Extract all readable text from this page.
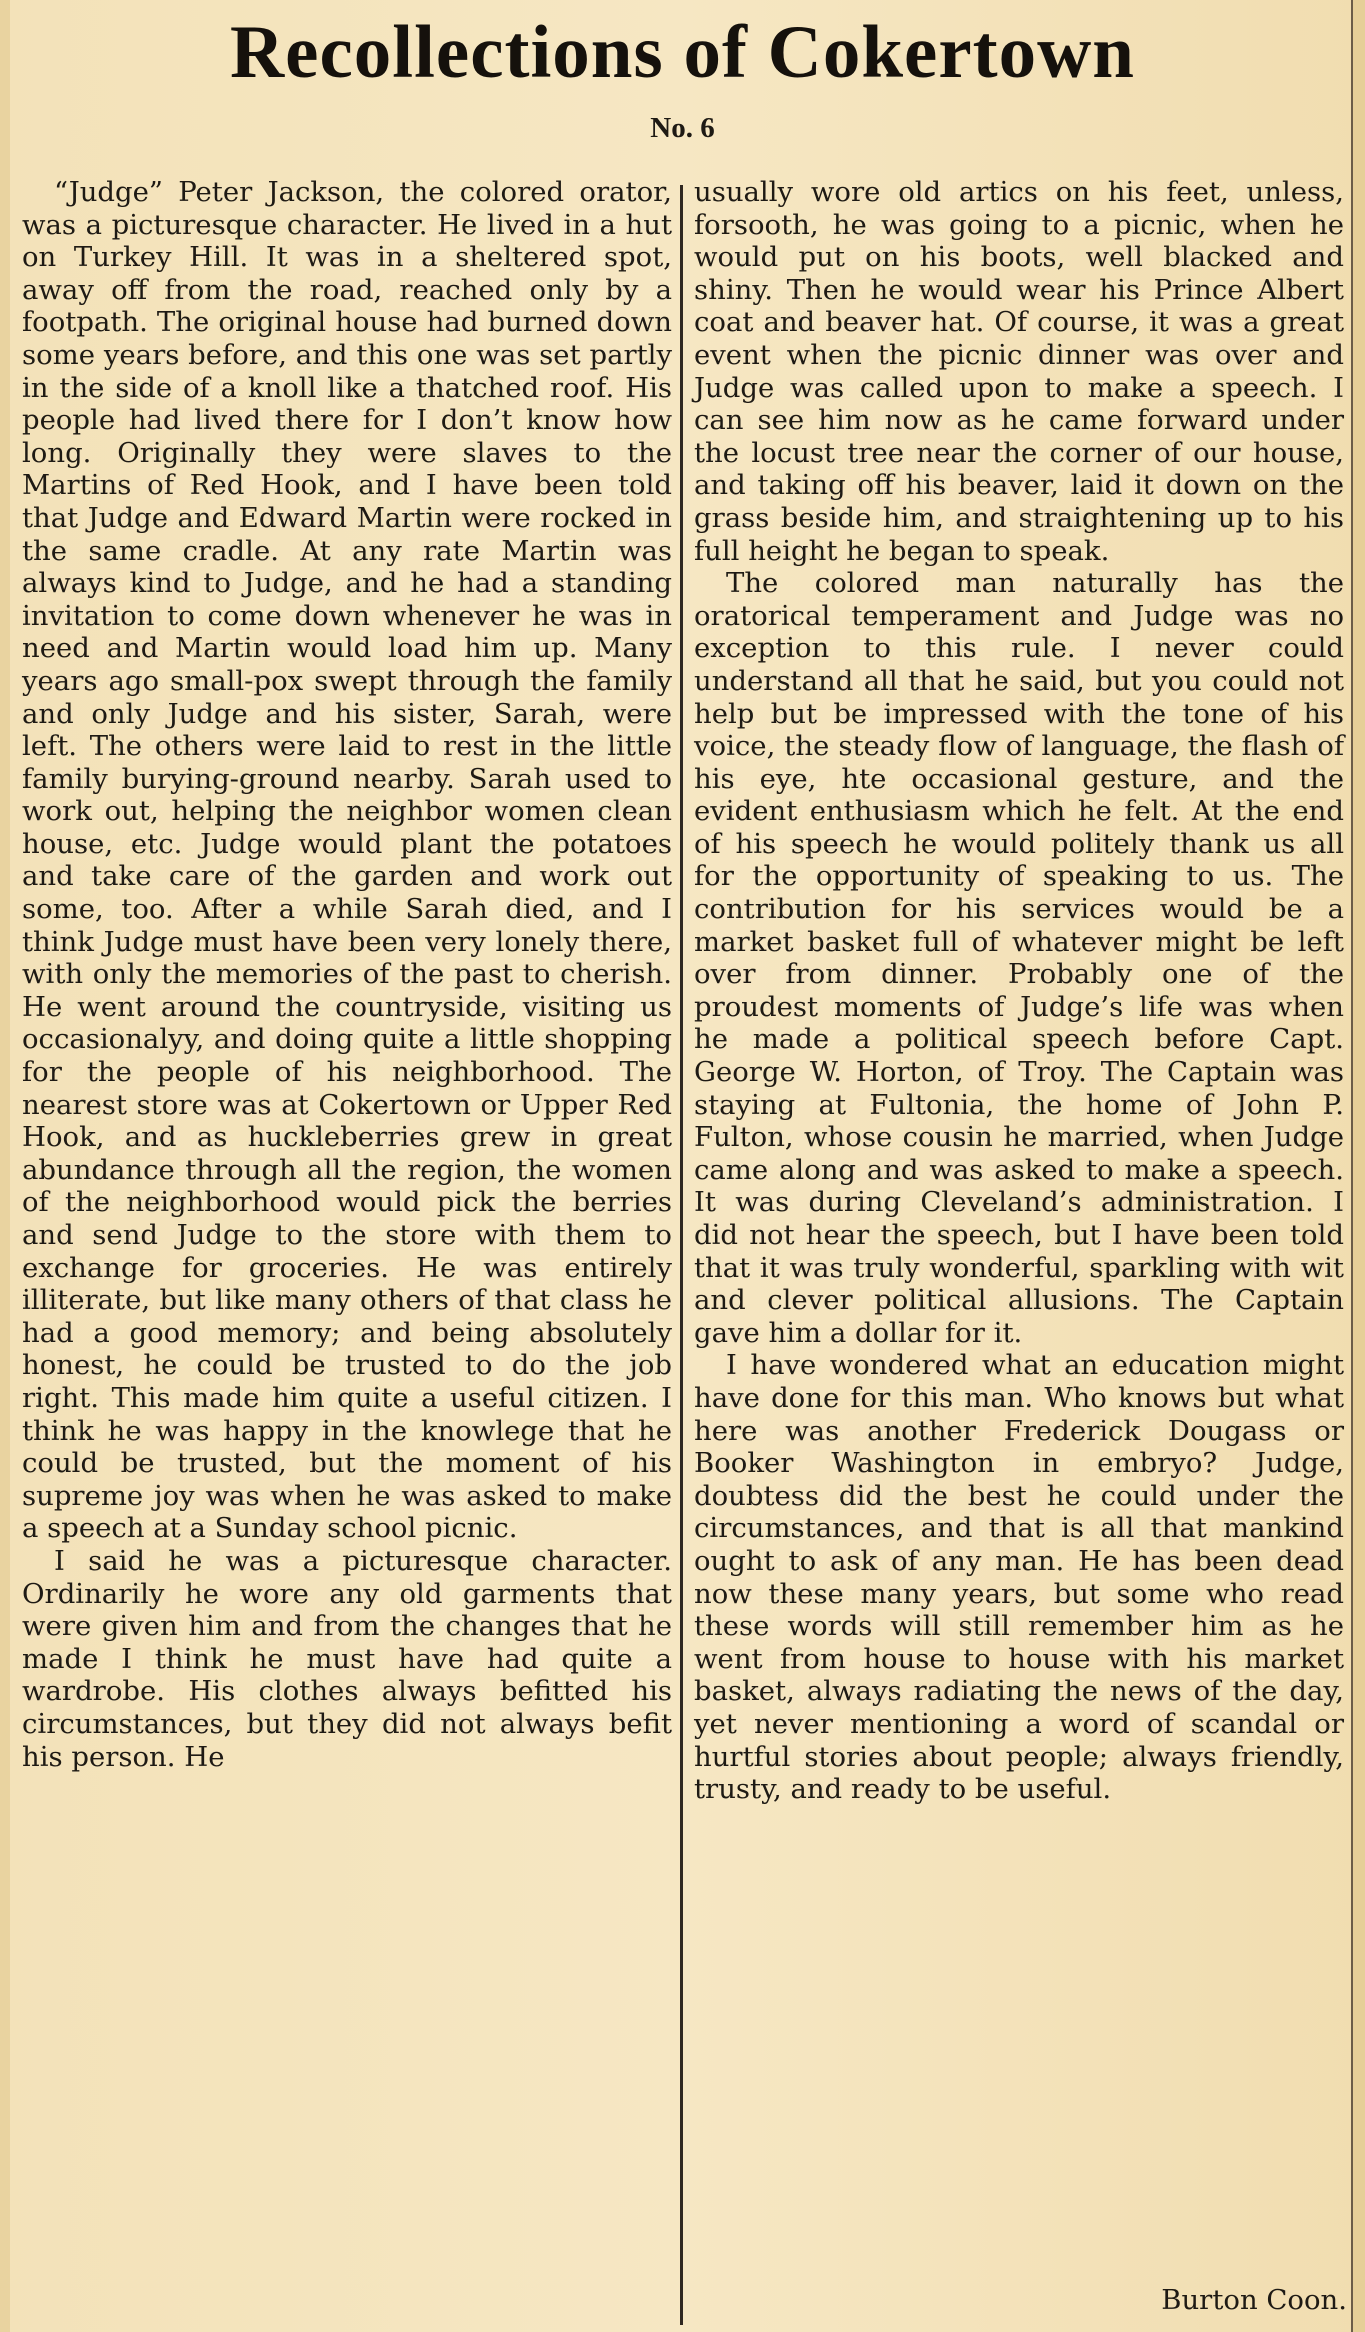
Recollections of Cokertown
No. 6

“Judge” Peter Jackson, the colored orator, was a picturesque character. He lived in a hut on Turkey Hill. It was in a sheltered spot, away off from the road, reached only by a footpath. The original house had burned down some years before, and this one was set partly in the side of a knoll like a thatched roof. His people had lived there for I don’t know how long. Originally they were slaves to the Martins of Red Hook, and I have been told that Judge and Edward Martin were rocked in the same cradle. At any rate Martin was always kind to Judge, and he had a standing invitation to come down whenever he was in need and Martin would load him up. Many years ago small-pox swept through the family and only Judge and his sister, Sarah, were left. The others were laid to rest in the little family burying-ground nearby. Sarah used to work out, helping the neighbor women clean house, etc. Judge would plant the potatoes and take care of the garden and work out some, too. After a while Sarah died, and I think Judge must have been very lonely there, with only the memories of the past to cherish. He went around the countryside, visiting us occasionalyy, and doing quite a little shopping for the people of his neighborhood. The nearest store was at Cokertown or Upper Red Hook, and as huckleberries grew in great abundance through all the region, the women of the neighborhood would pick the berries and send Judge to the store with them to exchange for groceries. He was entirely illiterate, but like many others of that class he had a good memory; and being absolutely honest, he could be trusted to do the job right. This made him quite a useful citizen. I think he was happy in the knowlege that he could be trusted, but the moment of his supreme joy was when he was asked to make a speech at a Sunday school picnic.

I said he was a picturesque character. Ordinarily he wore any old garments that were given him and from the changes that he made I think he must have had quite a wardrobe. His clothes always befitted his circumstances, but they did not always befit his person. He

usually wore old artics on his feet, unless, forsooth, he was going to a picnic, when he would put on his boots, well blacked and shiny. Then he would wear his Prince Albert coat and beaver hat. Of course, it was a great event when the picnic dinner was over and Judge was called upon to make a speech. I can see him now as he came forward under the locust tree near the corner of our house, and taking off his beaver, laid it down on the grass beside him, and straightening up to his full height he began to speak.

The colored man naturally has the oratorical temperament and Judge was no exception to this rule. I never could understand all that he said, but you could not help but be impressed with the tone of his voice, the steady flow of language, the flash of his eye, hte occasional gesture, and the evident enthusiasm which he felt. At the end of his speech he would politely thank us all for the opportunity of speaking to us. The contribution for his services would be a market basket full of whatever might be left over from dinner. Probably one of the proudest moments of Judge’s life was when he made a political speech before Capt. George W. Horton, of Troy. The Captain was staying at Fultonia, the home of John P. Fulton, whose cousin he married, when Judge came along and was asked to make a speech. It was during Cleveland’s administration. I did not hear the speech, but I have been told that it was truly wonderful, sparkling with wit and clever political allusions. The Captain gave him a dollar for it.

I have wondered what an education might have done for this man. Who knows but what here was another Frederick Dougass or Booker Washington in embryo? Judge, doubtess did the best he could under the circumstances, and that is all that mankind ought to ask of any man. He has been dead now these many years, but some who read these words will still remember him as he went from house to house with his market basket, always radiating the news of the day, yet never mentioning a word of scandal or hurtful stories about people; always friendly, trusty, and ready to be useful.

Burton Coon.
